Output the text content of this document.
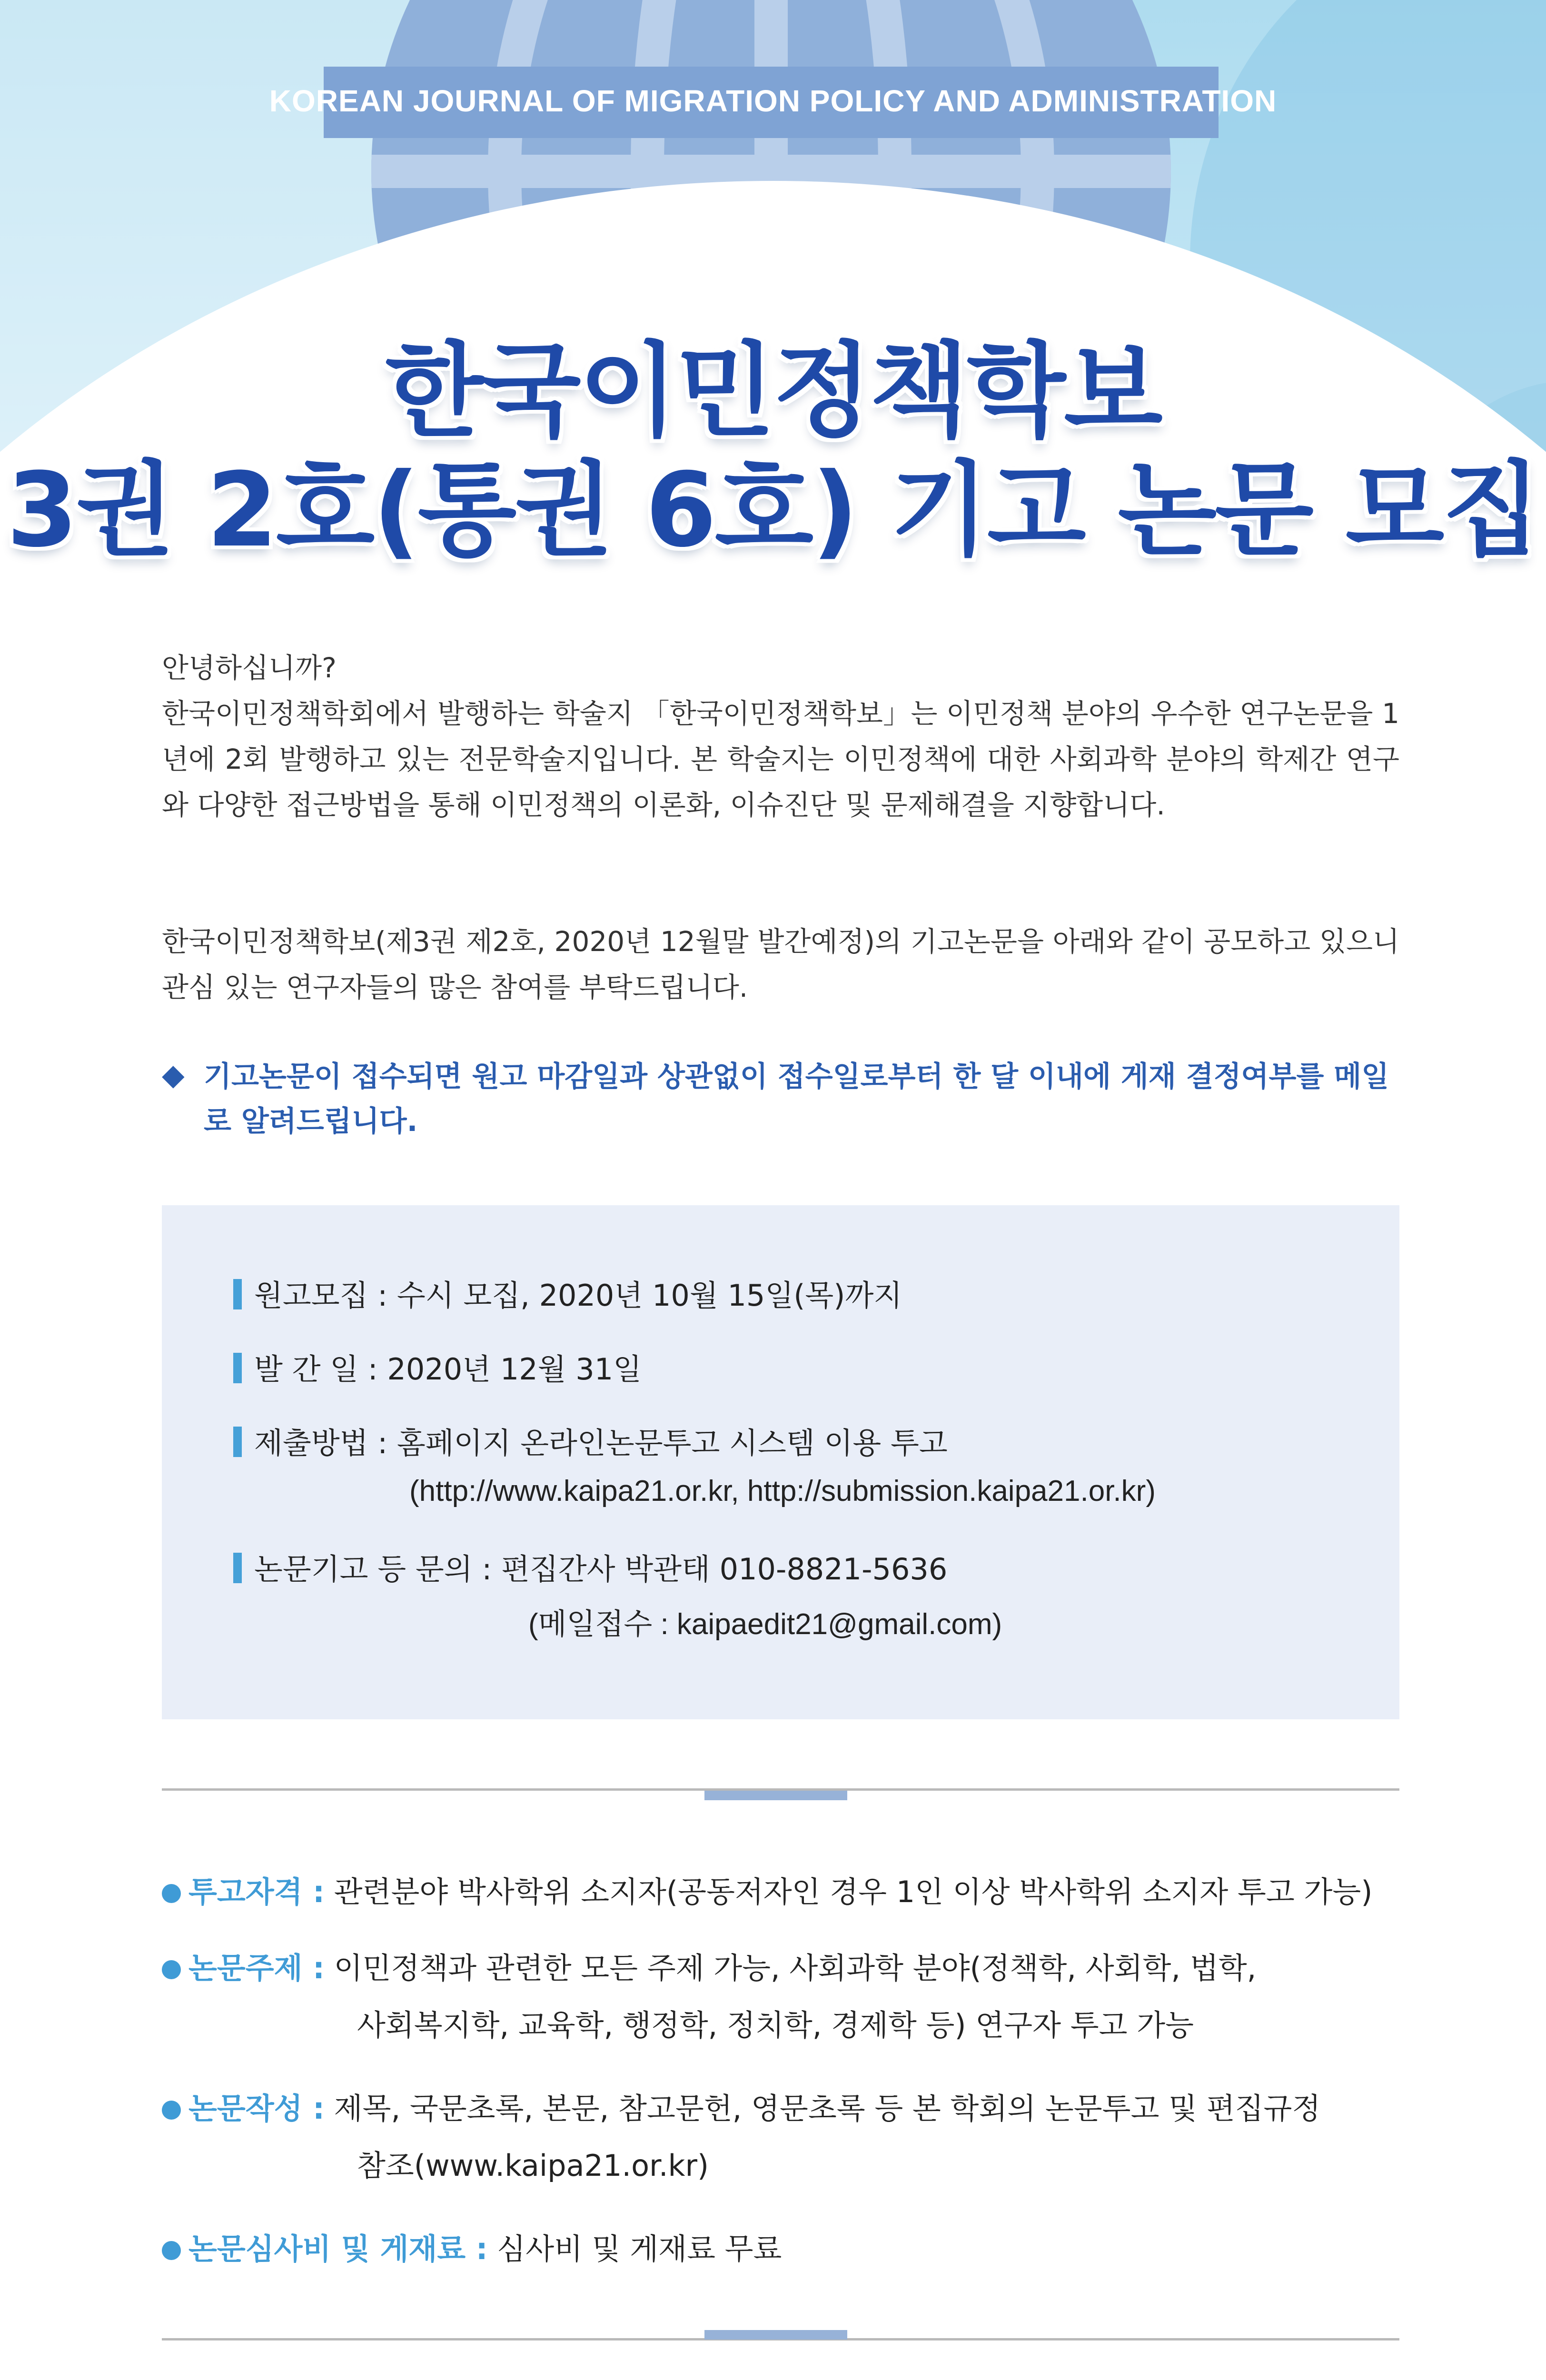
KOREAN JOURNAL OF MIGRATION POLICY AND ADMINISTRATION
한국이민정책학보
3권 2호(통권 6호) 기고 논문 모집

안녕하십니까?

한국이민정책학회에서 발행하는 학술지 「한국이민정책학보」는 이민정책 분야의 우수한 연구논문을 1년에 2회 발행하고 있는 전문학술지입니다. 본 학술지는 이민정책에 대한 사회과학 분야의 학제간 연구와 다양한 접근방법을 통해 이민정책의 이론화, 이슈진단 및 문제해결을 지향합니다.

한국이민정책학보(제3권 제2호, 2020년 12월말 발간예정)의 기고논문을 아래와 같이 공모하고 있으니 관심 있는 연구자들의 많은 참여를 부탁드립니다.

◆ 기고논문이 접수되면 원고 마감일과 상관없이 접수일로부터 한 달 이내에 게재 결정여부를 메일로 알려드립니다.
원고모집 : 수시 모집, 2020년 10월 15일(목)까지
발 간 일 : 2020년 12월 31일
제출방법 : 홈페이지 온라인논문투고 시스템 이용 투고
(http://www.kaipa21.or.kr, http://submission.kaipa21.or.kr)
논문기고 등 문의 : 편집간사 박관태 010-8821-5636
(메일접수 : kaipaedit21@gmail.com)
투고자격 : 관련분야 박사학위 소지자(공동저자인 경우 1인 이상 박사학위 소지자 투고 가능)
논문주제 : 이민정책과 관련한 모든 주제 가능, 사회과학 분야(정책학, 사회학, 법학,
사회복지학, 교육학, 행정학, 정치학, 경제학 등) 연구자 투고 가능
논문작성 : 제목, 국문초록, 본문, 참고문헌, 영문초록 등 본 학회의 논문투고 및 편집규정
참조(www.kaipa21.or.kr)
논문심사비 및 게재료 : 심사비 및 게재료 무료
